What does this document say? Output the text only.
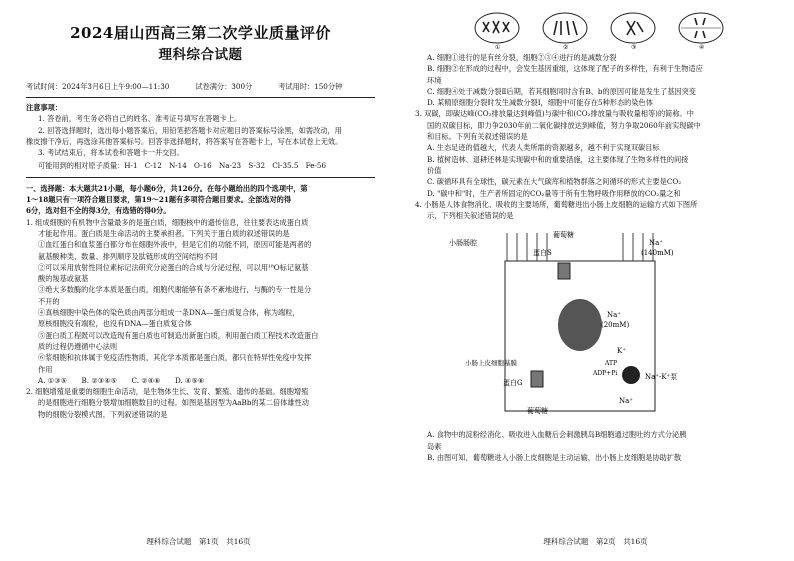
2024届山西高三第二次学业质量评价
理科综合试题
考试时间：2024年3月6日上午9:00—11:30	试卷满分：300分	考试用时：150分钟
注意事项：
1. 答卷前，考生务必将自己的姓名、准考证号填写在答题卡上。
2. 回答选择题时，选出每小题答案后，用铅笔把答题卡对应题目的答案标号涂黑，如需改动，用
橡皮擦干净后，再选涂其他答案标号。回答非选择题时，将答案写在答题卡上，写在本试卷上无效。
3. 考试结束后，将本试卷和答题卡一并交回。
可能用到的相对原子质量：H-1　C-12　N-14　O-16　Na-23　S-32　Cl-35.5　Fe-56
一、选择题：本大题共21小题，每小题6分，共126分。在每小题给出的四个选项中，第
1～18题只有一项符合题目要求，第19～21题有多项符合题目要求。全部选对的得
6分，选对但不全的得3分，有选错的得0分。
1. 组成细胞的有机物中含量最多的是蛋白质，细胞核中的遗传信息，往往要表达成蛋白质
才能起作用。蛋白质是生命活动的主要承担者。下列关于蛋白质的叙述错误的是
①血红蛋白和血浆蛋白都分布在细胞外液中，但是它们的功能不同，原因可能是两者的
氨基酸种类、数量、排列顺序及肽链形成的空间结构不同
②可以采用放射性同位素标记法研究分泌蛋白的合成与分泌过程，可以用¹⁸O标记氨基
酸的羧基或氨基
③绝大多数酶的化学本质是蛋白质，细胞代谢能够有条不紊地进行，与酶的专一性是分
不开的
④真核细胞中染色体的染色质由两部分组成一条DNA—蛋白质复合体，称为端粒，
原核细胞没有端粒，也没有DNA—蛋白质复合体
⑤蛋白质工程既可以改造现有蛋白质也可制造出新蛋白质，利用蛋白质工程技术改造蛋白
质的过程仍遵循中心法则
⑥浆细胞和抗体属于免疫活性物质，其化学本质都是蛋白质，都只在特异性免疫中发挥
作用
A. ①③⑤　　B. ②③④⑤　　C. ②④⑥　　D. ④⑤⑥
2. 细胞增殖是重要的细胞生命活动，是生物体生长、发育、繁殖、遗传的基础。细胞增殖
的是细胞进行细胞分裂增加细胞数目的过程。如图是基因型为AaBb的某二倍体雄性动
物的细胞分裂模式图，下列叙述错误的是
理科综合试题　第1页　共16页
①	②	③	④
A. 细胞①进行的是有丝分裂，细胞②③④进行的是减数分裂
B. 细胞②在形成的过程中，会发生基因重组，这体现了配子的多样性，有利于生物适应
环境
C. 细胞④处于减数分裂Ⅱ后期，若其细胞同时含有B、b的原因可能是发生了基因突变
D. 某精原细胞分裂时发生减数分裂Ⅰ，细胞中可能存在5种形态的染色体
3. 双碳，即碳达峰(CO₂排放量达到峰值)与碳中和(CO₂排放量与吸收量相等)的简称。中
国的双碳目标，即力争2030年前二氧化碳排放达到峰值，努力争取2060年前实现碳中
和目标。下列有关叙述错误的是
A. 生态足迹的值越大，代表人类所需的资源越多，越不利于实现双碳目标
B. 植树造林、退耕还林是实现碳中和的重要措施，这主要体现了生物多样性的间接
价值
C. 碳循环具有全球性，碳元素在大气碳库和植物群落之间循环的形式主要是CO₂
D. "碳中和"时，生产者所固定的CO₂量等于所有生物呼吸作用释放的CO₂量之和
4. 小肠是人体食物消化、吸收的主要场所，葡萄糖进出小肠上皮细胞的运输方式如下图所
示，下列相关叙述错误的是
小肠肠腔
葡萄糖
蛋白S
Na⁺
(140mM)
Na⁺
(20mM)
小肠上皮细胞基膜
蛋白G
ATP
ADP+Pi	Na⁺-K⁺泵
K⁺
Na⁺
葡萄糖
A. 食物中的淀粉经消化、吸收进入血糖后会刺激胰岛B细胞通过胞吐的方式分泌胰
岛素
B. 由图可知，葡萄糖进入小肠上皮细胞是主动运输，出小肠上皮细胞是协助扩散
理科综合试题　第2页　共16页
